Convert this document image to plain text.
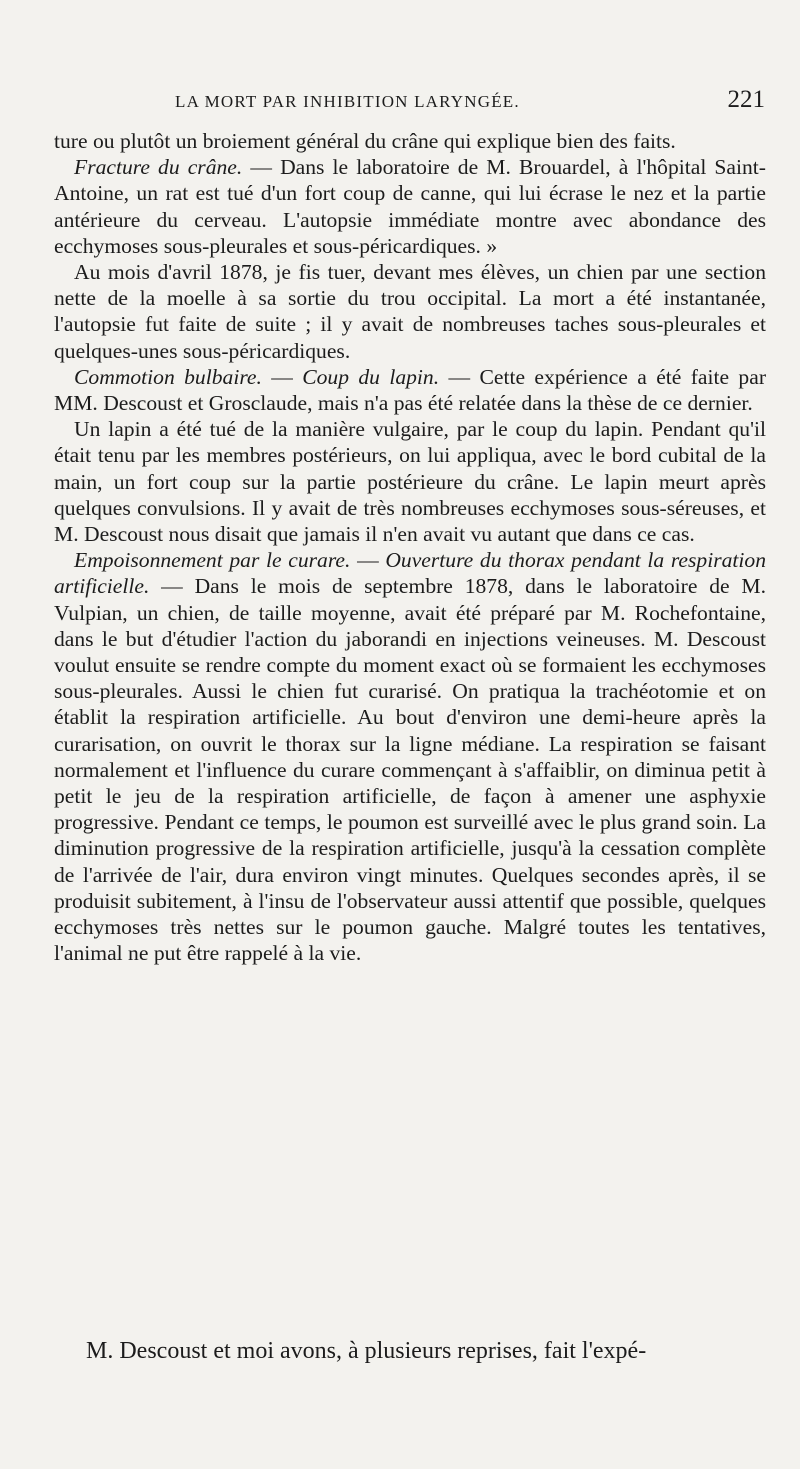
LA MORT PAR INHIBITION LARYNGÉE.	221

ture ou plutôt un broiement général du crâne qui explique bien des faits.

Fracture du crâne. — Dans le laboratoire de M. Brouardel, à l'hôpital Saint-Antoine, un rat est tué d'un fort coup de canne, qui lui écrase le nez et la partie antérieure du cerveau. L'autopsie immédiate montre avec abondance des ecchymoses sous-pleurales et sous-péricardiques. »

Au mois d'avril 1878, je fis tuer, devant mes élèves, un chien par une section nette de la moelle à sa sortie du trou occipital. La mort a été instantanée, l'autopsie fut faite de suite ; il y avait de nombreuses taches sous-pleurales et quelques-unes sous-péricardiques.

Commotion bulbaire. — Coup du lapin. — Cette expérience a été faite par MM. Descoust et Grosclaude, mais n'a pas été relatée dans la thèse de ce dernier.

Un lapin a été tué de la manière vulgaire, par le coup du lapin. Pendant qu'il était tenu par les membres postérieurs, on lui appliqua, avec le bord cubital de la main, un fort coup sur la partie postérieure du crâne. Le lapin meurt après quelques convulsions. Il y avait de très nombreuses ecchymoses sous-séreuses, et M. Descoust nous disait que jamais il n'en avait vu autant que dans ce cas.

Empoisonnement par le curare. — Ouverture du thorax pendant la respiration artificielle. — Dans le mois de septembre 1878, dans le laboratoire de M. Vulpian, un chien, de taille moyenne, avait été préparé par M. Rochefontaine, dans le but d'étudier l'action du jaborandi en injections veineuses. M. Descoust voulut ensuite se rendre compte du moment exact où se formaient les ecchymoses sous-pleurales. Aussi le chien fut curarisé. On pratiqua la trachéotomie et on établit la respiration artificielle. Au bout d'environ une demi-heure après la curarisation, on ouvrit le thorax sur la ligne médiane. La respiration se faisant normalement et l'influence du curare commençant à s'affaiblir, on diminua petit à petit le jeu de la respiration artificielle, de façon à amener une asphyxie progressive. Pendant ce temps, le poumon est surveillé avec le plus grand soin. La diminution progressive de la respiration artificielle, jusqu'à la cessation complète de l'arrivée de l'air, dura environ vingt minutes. Quelques secondes après, il se produisit subitement, à l'insu de l'observateur aussi attentif que possible, quelques ecchymoses très nettes sur le poumon gauche. Malgré toutes les tentatives, l'animal ne put être rappelé à la vie.

M. Descoust et moi avons, à plusieurs reprises, fait l'expé-
